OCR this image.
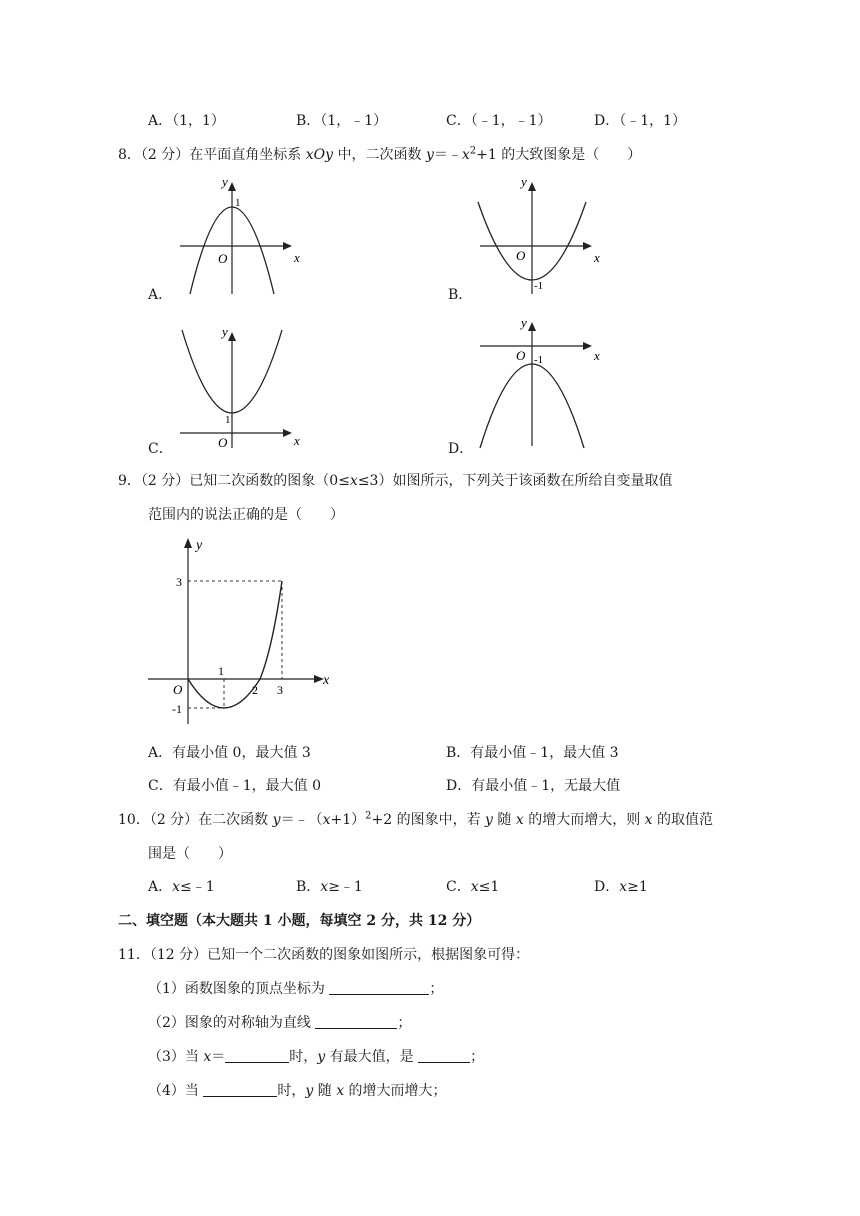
A．（1，1）	B．（1，﹣1）	C．（﹣1，﹣1）	D．（﹣1，1）
8．（2 分）在平面直角坐标系 xOy 中，二次函数 $y=﹣x^2+1$ 的大致图象是（　　）
A．
y
x
O
1
B．
y
x
O
-1
C．
y
x
O
1
D．
y
x
O -1
9．（2 分）已知二次函数的图象（0≤x≤3）如图所示，下列关于该函数在所给自变量取值
范围内的说法正确的是（　　）
y
x
O
3
-1
1
2 3
A．有最小值 0，最大值 3	B．有最小值﹣1，最大值 3
C．有最小值﹣1，最大值 0	D．有最小值﹣1，无最大值
10．（2 分）在二次函数 $y=﹣(x+1)^2+2$ 的图象中，若 y 随 x 的增大而增大，则 x 的取值范
围是（　　）
A．x≤﹣1	B．x≥﹣1	C．x≤1	D．x≥1
二、填空题（本大题共 1 小题，每填空 2 分，共 12 分）
11．（12 分）已知一个二次函数的图象如图所示，根据图象可得：
（1）函数图象的顶点坐标为	；
（2）图象的对称轴为直线	；
（3）当 x＝	时，y 有最大值，是	；
（4）当	时，y 随 x 的增大而增大；
